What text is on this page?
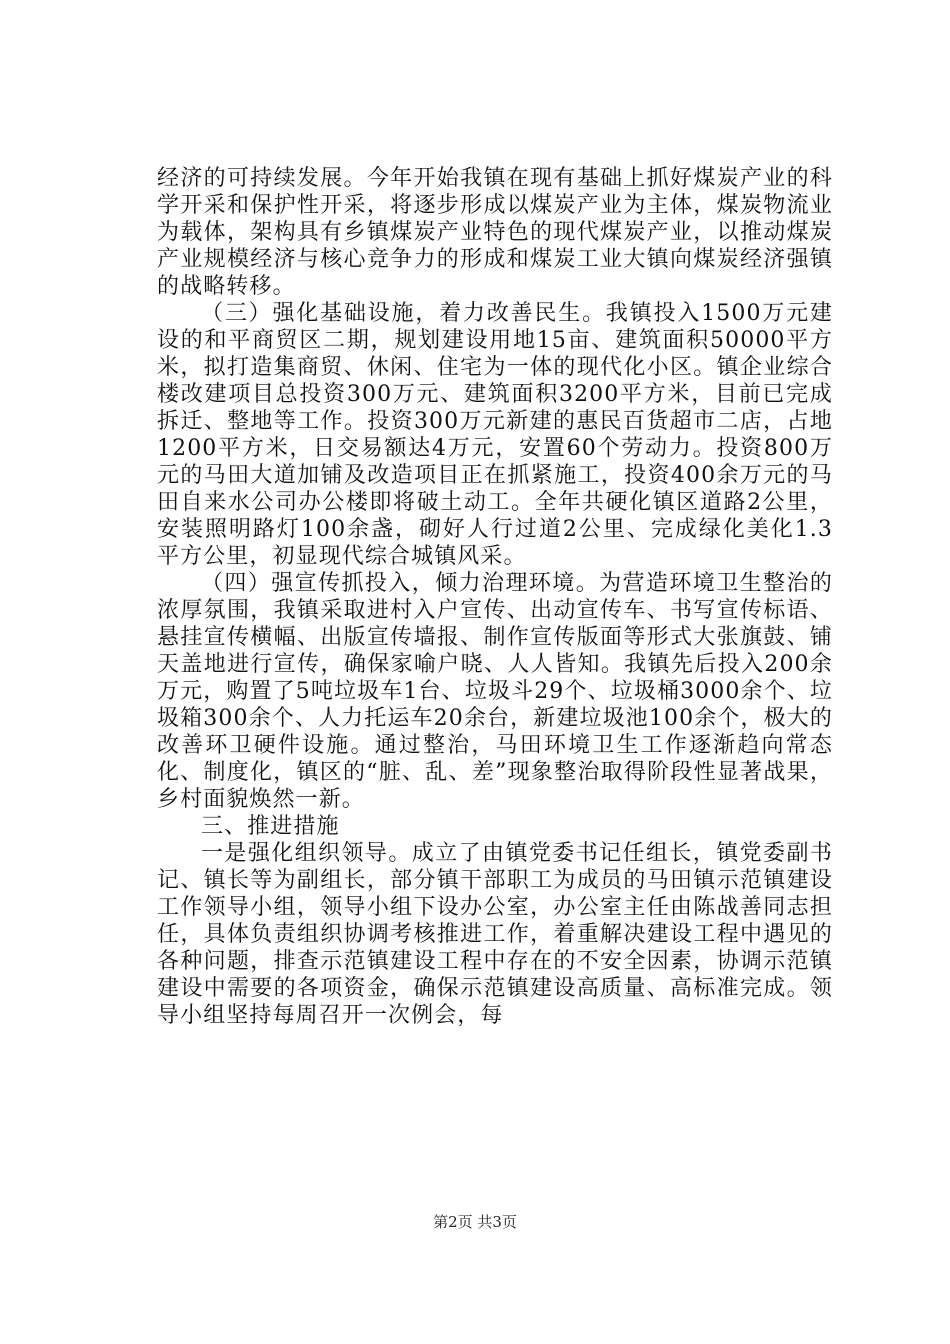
经济的可持续发展。今年开始我镇在现有基础上抓好煤炭产业的科学开采和保护性开采，将逐步形成以煤炭产业为主体，煤炭物流业为载体，架构具有乡镇煤炭产业特色的现代煤炭产业，以推动煤炭产业规模经济与核心竞争力的形成和煤炭工业大镇向煤炭经济强镇的战略转移。

（三）强化基础设施，着力改善民生。我镇投入1500万元建设的和平商贸区二期，规划建设用地15亩、建筑面积50000平方米，拟打造集商贸、休闲、住宅为一体的现代化小区。镇企业综合楼改建项目总投资300万元、建筑面积3200平方米，目前已完成拆迁、整地等工作。投资300万元新建的惠民百货超市二店，占地1200平方米，日交易额达4万元，安置60个劳动力。投资800万元的马田大道加铺及改造项目正在抓紧施工，投资400余万元的马田自来水公司办公楼即将破土动工。全年共硬化镇区道路2公里，安装照明路灯100余盏，砌好人行过道2公里、完成绿化美化1.3平方公里，初显现代综合城镇风采。

（四）强宣传抓投入，倾力治理环境。为营造环境卫生整治的浓厚氛围，我镇采取进村入户宣传、出动宣传车、书写宣传标语、悬挂宣传横幅、出版宣传墙报、制作宣传版面等形式大张旗鼓、铺天盖地进行宣传，确保家喻户晓、人人皆知。我镇先后投入200余万元，购置了5吨垃圾车1台、垃圾斗29个、垃圾桶3000余个、垃圾箱300余个、人力托运车20余台，新建垃圾池100余个，极大的改善环卫硬件设施。通过整治，马田环境卫生工作逐渐趋向常态化、制度化，镇区的“脏、乱、差”现象整治取得阶段性显著战果，乡村面貌焕然一新。

三、推进措施

一是强化组织领导。成立了由镇党委书记任组长，镇党委副书记、镇长等为副组长，部分镇干部职工为成员的马田镇示范镇建设工作领导小组，领导小组下设办公室，办公室主任由陈战善同志担任，具体负责组织协调考核推进工作，着重解决建设工程中遇见的各种问题，排查示范镇建设工程中存在的不安全因素，协调示范镇建设中需要的各项资金，确保示范镇建设高质量、高标准完成。领导小组坚持每周召开一次例会，每

第2页 共3页
